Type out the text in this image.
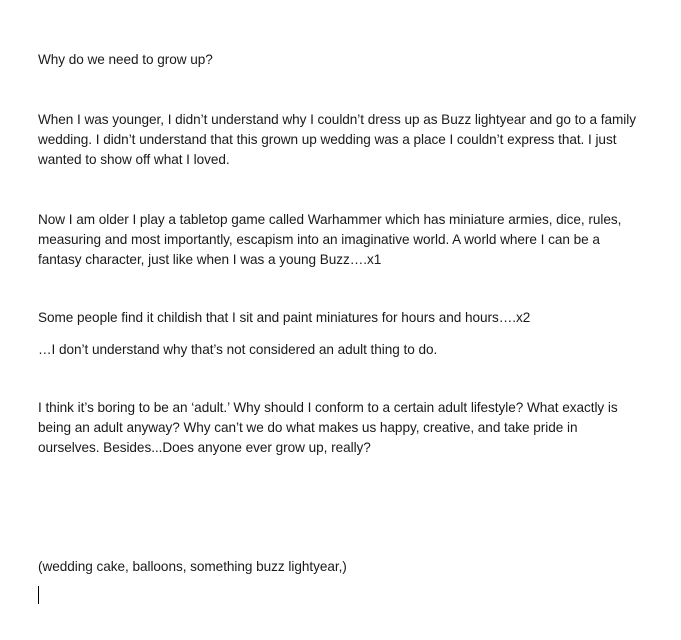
Why do we need to grow up?

When I was younger, I didn’t understand why I couldn’t dress up as Buzz lightyear and go to a family wedding. I didn’t understand that this grown up wedding was a place I couldn’t express that. I just wanted to show off what I loved.

Now I am older I play a tabletop game called Warhammer which has miniature armies, dice, rules, measuring and most importantly, escapism into an imaginative world. A world where I can be a fantasy character, just like when I was a young Buzz….x1

Some people find it childish that I sit and paint miniatures for hours and hours….x2

…I don’t understand why that’s not considered an adult thing to do.

I think it’s boring to be an ‘adult.’ Why should I conform to a certain adult lifestyle? What exactly is being an adult anyway? Why can’t we do what makes us happy, creative, and take pride in ourselves. Besides...Does anyone ever grow up, really?

(wedding cake, balloons, something buzz lightyear,)
